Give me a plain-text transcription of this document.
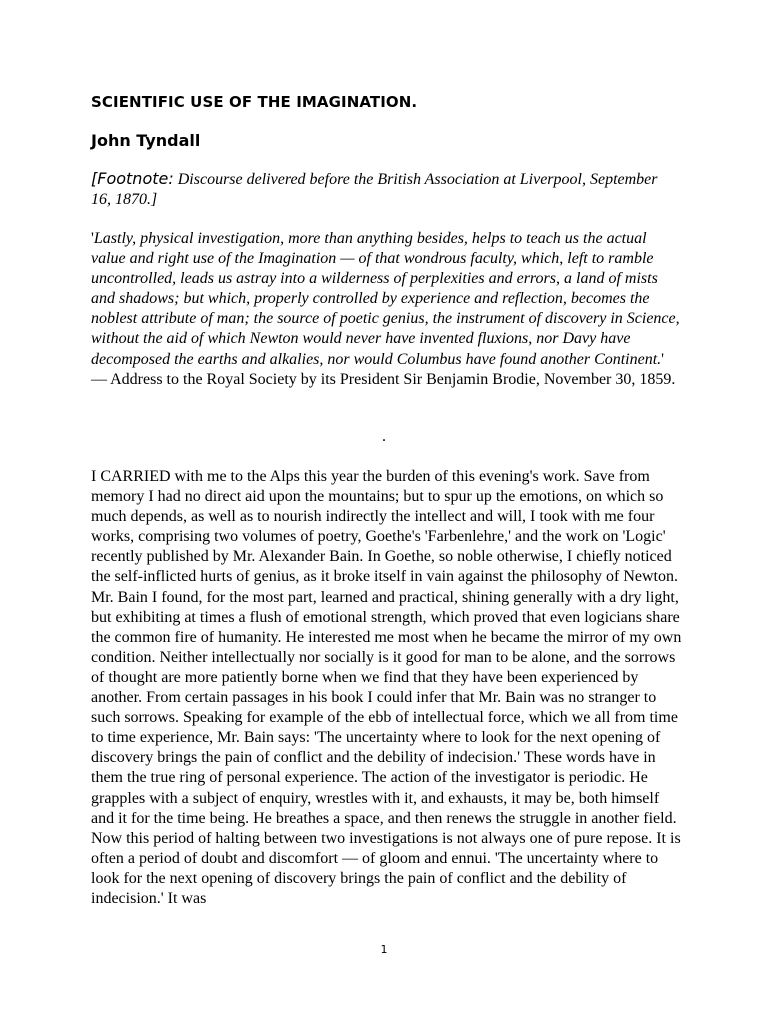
SCIENTIFIC USE OF THE IMAGINATION.
John Tyndall

[Footnote: Discourse delivered before the British Association at Liverpool, September 16, 1870.]

'Lastly, physical investigation, more than anything besides, helps to teach us the actual value and right use of the Imagination — of that wondrous faculty, which, left to ramble uncontrolled, leads us astray into a wilderness of perplexities and errors, a land of mists and shadows; but which, properly controlled by experience and reflection, becomes the noblest attribute of man; the source of poetic genius, the instrument of discovery in Science, without the aid of which Newton would never have invented fluxions, nor Davy have decomposed the earths and alkalies, nor would Columbus have found another Continent.' — Address to the Royal Society by its President Sir Benjamin Brodie, November 30, 1859.

.

I CARRIED with me to the Alps this year the burden of this evening's work. Save from memory I had no direct aid upon the mountains; but to spur up the emotions, on which so much depends, as well as to nourish indirectly the intellect and will, I took with me four works, comprising two volumes of poetry, Goethe's 'Farbenlehre,' and the work on 'Logic' recently published by Mr. Alexander Bain. In Goethe, so noble otherwise, I chiefly noticed the self-inflicted hurts of genius, as it broke itself in vain against the philosophy of Newton. Mr. Bain I found, for the most part, learned and practical, shining generally with a dry light, but exhibiting at times a flush of emotional strength, which proved that even logicians share the common fire of humanity. He interested me most when he became the mirror of my own condition. Neither intellectually nor socially is it good for man to be alone, and the sorrows of thought are more patiently borne when we find that they have been experienced by another. From certain passages in his book I could infer that Mr. Bain was no stranger to such sorrows. Speaking for example of the ebb of intellectual force, which we all from time to time experience, Mr. Bain says: 'The uncertainty where to look for the next opening of discovery brings the pain of conflict and the debility of indecision.' These words have in them the true ring of personal experience. The action of the investigator is periodic. He grapples with a subject of enquiry, wrestles with it, and exhausts, it may be, both himself and it for the time being. He breathes a space, and then renews the struggle in another field. Now this period of halting between two investigations is not always one of pure repose. It is often a period of doubt and discomfort — of gloom and ennui. 'The uncertainty where to look for the next opening of discovery brings the pain of conflict and the debility of indecision.' It was

1
